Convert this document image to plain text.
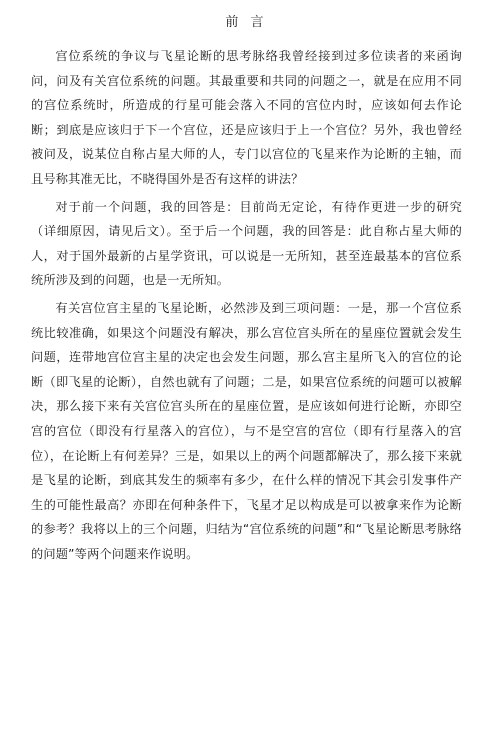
前 言

宫位系统的争议与飞星论断的思考脉络我曾经接到过多位读者的来函询问，问及有关宫位系统的问题。其最重要和共同的问题之一，就是在应用不同的宫位系统时，所造成的行星可能会落入不同的宫位内时，应该如何去作论断；到底是应该归于下一个宫位，还是应该归于上一个宫位？另外，我也曾经被问及，说某位自称占星大师的人，专门以宫位的飞星来作为论断的主轴，而且号称其准无比，不晓得国外是否有这样的讲法？

对于前一个问题，我的回答是：目前尚无定论，有待作更进一步的研究（详细原因，请见后文）。至于后一个问题，我的回答是：此自称占星大师的人，对于国外最新的占星学资讯，可以说是一无所知，甚至连最基本的宫位系统所涉及到的问题，也是一无所知。

有关宫位宫主星的飞星论断，必然涉及到三项问题：一是，那一个宫位系统比较准确，如果这个问题没有解决，那么宫位宫头所在的星座位置就会发生问题，连带地宫位宫主星的决定也会发生问题，那么宫主星所飞入的宫位的论断（即飞星的论断），自然也就有了问题；二是，如果宫位系统的问题可以被解决，那么接下来有关宫位宫头所在的星座位置，是应该如何进行论断，亦即空宫的宫位（即没有行星落入的宫位），与不是空宫的宫位（即有行星落入的宫位），在论断上有何差异？三是，如果以上的两个问题都解决了，那么接下来就是飞星的论断，到底其发生的频率有多少，在什么样的情况下其会引发事件产生的可能性最高？亦即在何种条件下，飞星才足以构成是可以被拿来作为论断的参考？我将以上的三个问题，归结为“宫位系统的问题”和“飞星论断思考脉络的问题”等两个问题来作说明。
